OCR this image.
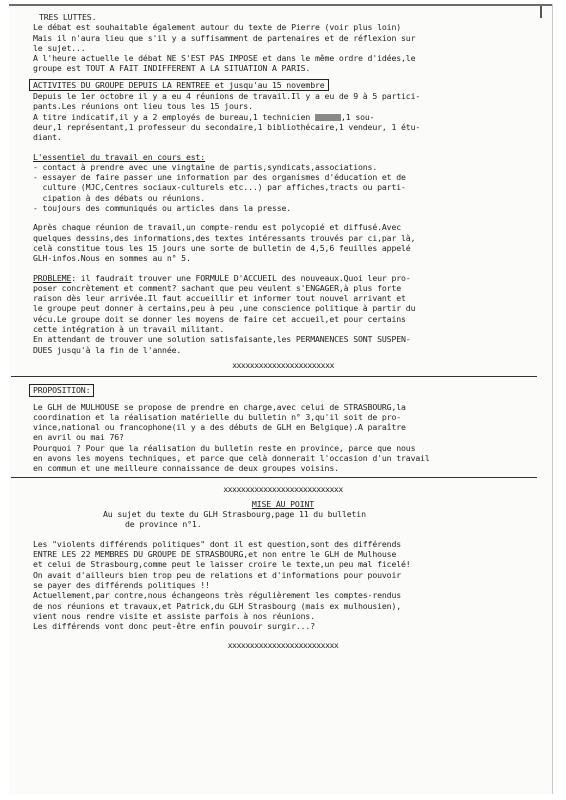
TRES LUTTES.
Le débat est souhaitable également autour du texte de Pierre (voir plus loin)
Mais il n'aura lieu que s'il y a suffisamment de partenaires et de réflexion sur
le sujet...
A l'heure actuelle le débat NE S'EST PAS IMPOSE et dans le même ordre d'idées,le
groupe est TOUT A FAIT INDIFFERENT A LA SITUATION A PARIS.
ACTIVITES DU GROUPE DEPUIS LA RENTREE et jusqu'au 15 novembre
Depuis le 1er octobre il y a eu 4 réunions de travail.Il y a eu de 9 à 5 partici-
pants.Les réunions ont lieu tous les 15 jours.
A titre indicatif,il y a 2 employés de bureau,1 technicien	,1 sou-
deur,1 représentant,1 professeur du secondaire,1 bibliothécaire,1 vendeur, 1 étu-
diant.
L'essentiel du travail en cours est:
- contact à prendre avec une vingtaine de partis,syndicats,associations.
- essayer de faire passer une information par des organismes d'éducation et de
culture (MJC,Centres sociaux-culturels etc...) par affiches,tracts ou parti-
cipation à des débats ou réunions.
- toujours des communiqués ou articles dans la presse.
Après chaque réunion de travail,un compte-rendu est polycopié et diffusé.Avec
quelques dessins,des informations,des textes intéressants trouvés par ci,par là,
celà constitue tous les 15 jours une sorte de bulletin de 4,5,6 feuilles appelé
GLH-infos.Nous en sommes au n° 5.
PROBLEME: il faudrait trouver une FORMULE D'ACCUEIL des nouveaux.Quoi leur pro-
poser concrètement et comment? sachant que peu veulent s'ENGAGER,à plus forte
raison dès leur arrivée.Il faut accueillir et informer tout nouvel arrivant et
le groupe peut donner à certains,peu à peu ,une conscience politique à partir du
vécu.Le groupe doit se donner les moyens de faire cet accueil,et pour certains
cette intégration à un travail militant.
En attendant de trouver une solution satisfaisante,les PERMANENCES SONT SUSPEN-
DUES jusqu'à la fin de l'année.
xxxxxxxxxxxxxxxxxxxxxxx
PROPOSITION:
Le GLH de MULHOUSE se propose de prendre en charge,avec celui de STRASBOURG,la
coordination et la réalisation matérielle du bulletin n° 3,qu'il soit de pro-
vince,national ou francophone(il y a des débuts de GLH en Belgique).A paraître
en avril ou mai 76?
Pourquoi ? Pour que la réalisation du bulletin reste en province, parce que nous
en avons les moyens techniques, et parce que celà donnerait l'occasion d'un travail
en commun et une meilleure connaissance de deux groupes voisins.
xxxxxxxxxxxxxxxxxxxxxxxxxxx
MISE AU POINT
Au sujet du texte du GLH Strasbourg,page 11 du bulletin
de province n°1.
Les "violents différends politiques" dont il est question,sont des différends
ENTRE LES 22 MEMBRES DU GROUPE DE STRASBOURG,et non entre le GLH de Mulhouse
et celui de Strasbourg,comme peut le laisser croire le texte,un peu mal ficelé!
On avait d'ailleurs bien trop peu de relations et d'informations pour pouvoir
se payer des différends politiques !!
Actuellement,par contre,nous échangeons très régulièrement les comptes-rendus
de nos réunions et travaux,et Patrick,du GLH Strasbourg (mais ex mulhousien),
vient nous rendre visite et assiste parfois à nos réunions.
Les différends vont donc peut-être enfin pouvoir surgir...?
xxxxxxxxxxxxxxxxxxxxxxxxx
